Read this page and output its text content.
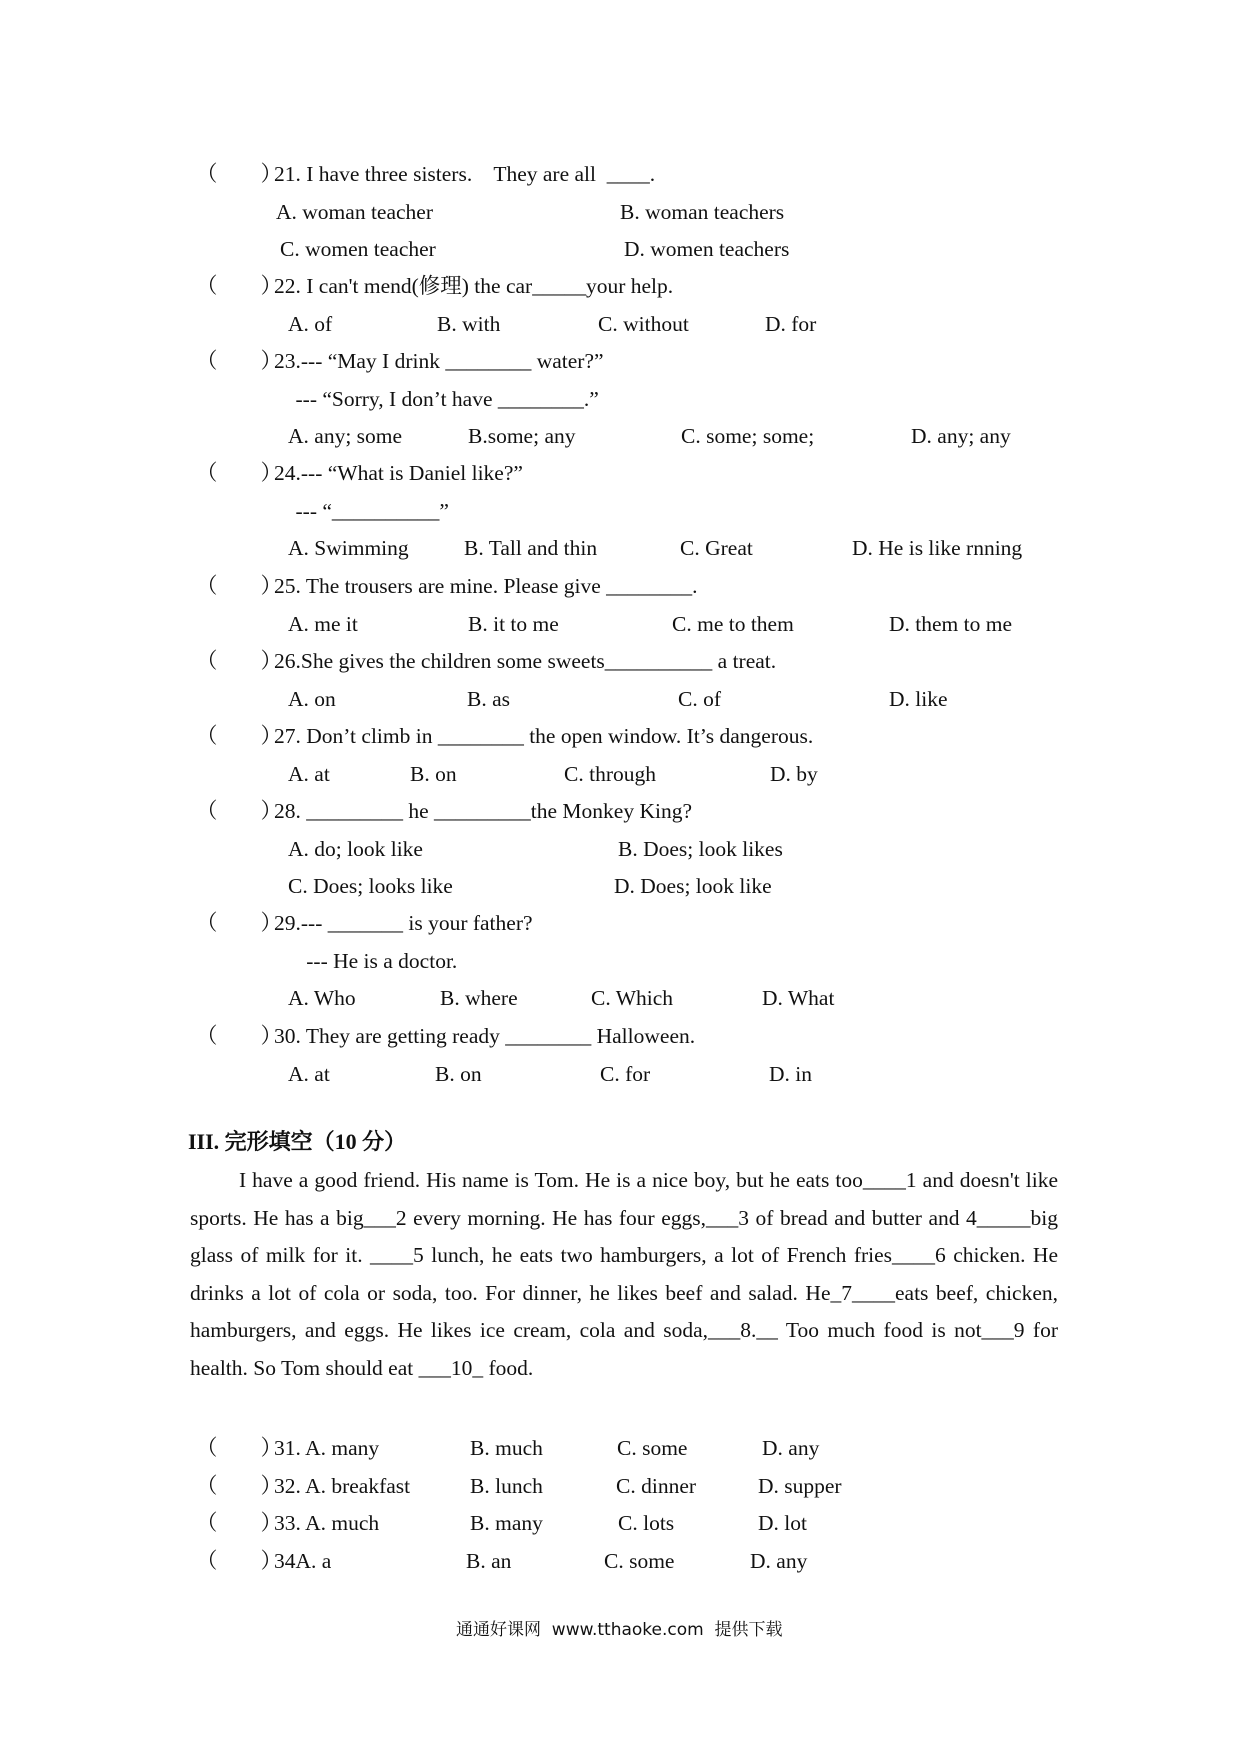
（　　）
21. I have three sisters.    They are all  ____.
A. woman teacher	B. woman teachers
C. women teacher	D. women teachers
（　　）
22. I can't mend(修理) the car_____your help.
A. of	B. with	C. without	D. for
（　　）
23.--- “May I drink ________ water?”
--- “Sorry, I don’t have ________.”
A. any; some	B.some; any	C. some; some;	D. any; any
（　　）
24.--- “What is Daniel like?”
--- “__________”
A. Swimming	B. Tall and thin	C. Great	D. He is like rnning
（　　）
25. The trousers are mine. Please give ________.
A. me it	B. it to me	C. me to them	D. them to me
（　　）
26.She gives the children some sweets__________ a treat.
A. on	B. as	C. of	D. like
（　　）
27. Don’t climb in ________ the open window. It’s dangerous.
A. at	B. on	C. through	D. by
（　　）
28. _________ he _________the Monkey King?
A. do; look like	B. Does; look likes
C. Does; looks like	D. Does; look like
（　　）
29.--- _______ is your father?
--- He is a doctor.
A. Who	B. where	C. Which	D. What
（　　）
30. They are getting ready ________ Halloween.
A. at	B. on	C. for	D. in
III. 完形填空（10 分）

I have a good friend. His name is Tom. He is a nice boy, but he eats too____1 and doesn't like sports. He has a big___2 every morning. He has four eggs,___3 of bread and butter and 4_____big glass of milk for it. ____5 lunch, he eats two hamburgers, a lot of French fries____6 chicken. He drinks a lot of cola or soda, too. For dinner, he likes beef and salad. He_7____eats beef, chicken, hamburgers, and eggs. He likes ice cream, cola and soda,___8.__ Too much food is not___9 for health. So Tom should eat ___10_ food.

（　　）
31. A. many	B. much	C. some	D. any
（　　）
32. A. breakfast	B. lunch	C. dinner	D. supper
（　　）
33. A. much	B. many	C. lots	D. lot
（　　）
34A. a	B. an	C. some	D. any
通通好课网  www.tthaoke.com  提供下载
